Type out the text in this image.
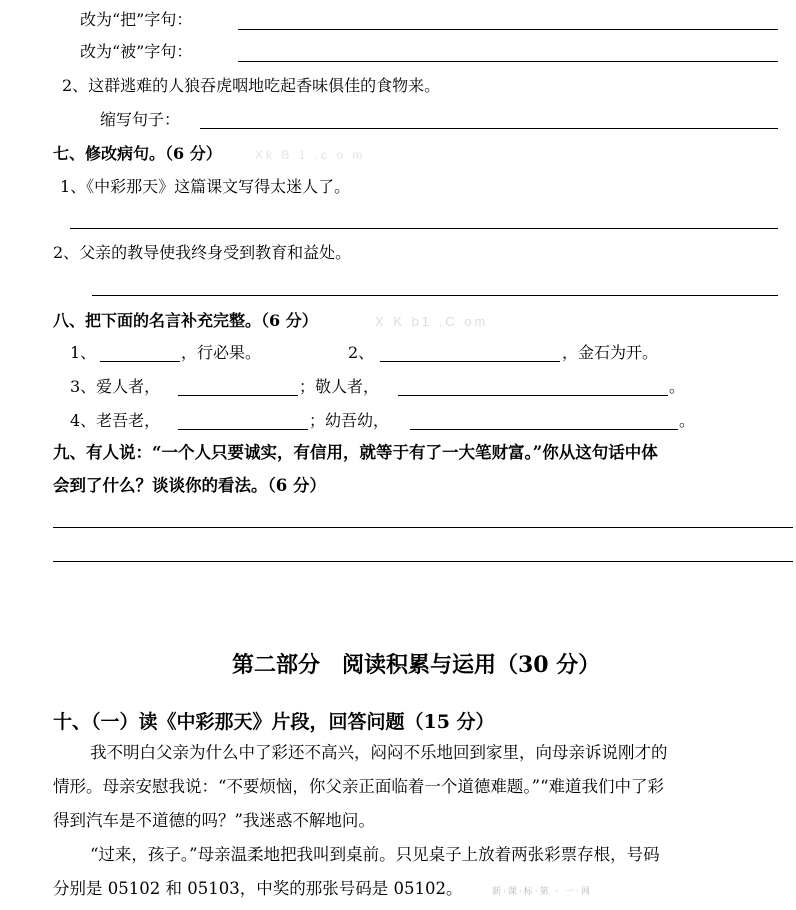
改为“把”字句：
改为“被”字句：
2、这群逃难的人狼吞虎咽地吃起香味俱佳的食物来。
缩写句子：
七、修改病句。（6 分）	Xk B 1 .c o m
1、《中彩那天》这篇课文写得太迷人了。
2、父亲的教导使我终身受到教育和益处。
八、把下面的名言补充完整。（6 分）	X K b1 .C om
1、	，行必果。	2、	，金石为开。
3、爱人者，	；敬人者，	。
4、老吾老，	；幼吾幼，	。
九、有人说：“一个人只要诚实，有信用，就等于有了一大笔财富。”你从这句话中体
会到了什么？谈谈你的看法。（6 分）
第二部分　阅读积累与运用（30 分）
十、（一）读《中彩那天》片段，回答问题（15 分）
我不明白父亲为什么中了彩还不高兴，闷闷不乐地回到家里，向母亲诉说刚才的
情形。母亲安慰我说：“不要烦恼，你父亲正面临着一个道德难题。”“难道我们中了彩
得到汽车是不道德的吗？”我迷惑不解地问。
“过来，孩子。”母亲温柔地把我叫到桌前。只见桌子上放着两张彩票存根，号码
分别是 05102 和 05103，中奖的那张号码是 05102。	新·课·标·第 · 一·网
